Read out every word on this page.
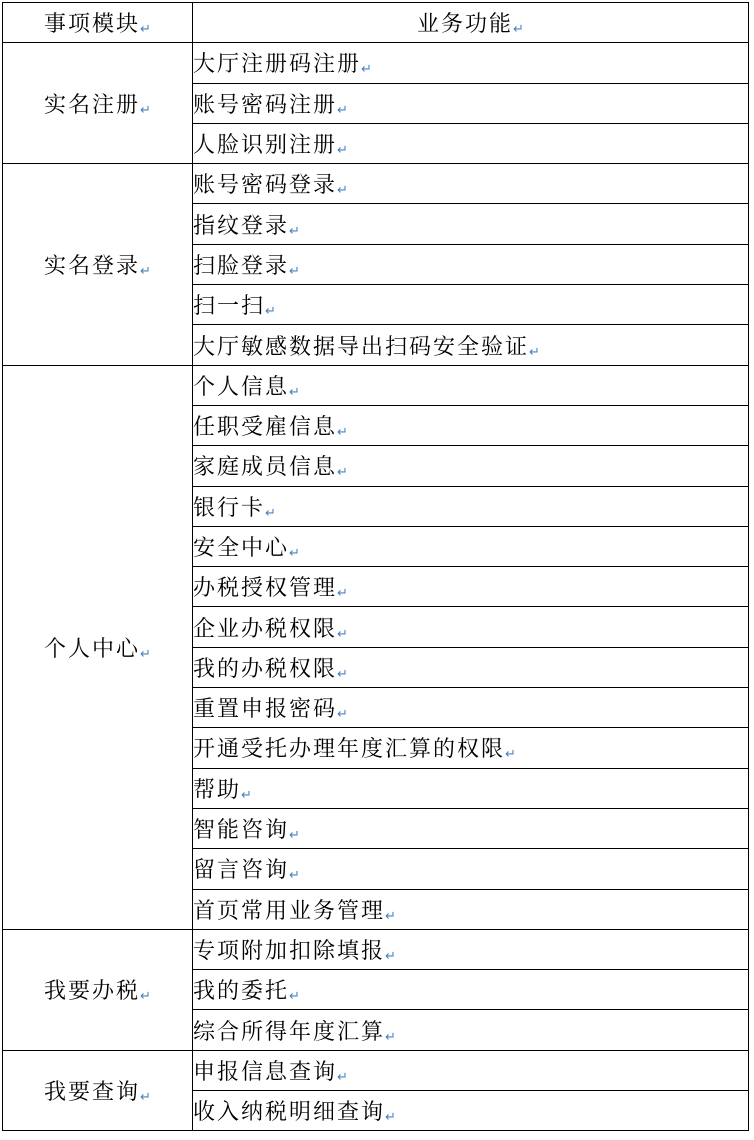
事项模块↵	业务功能↵
实名注册↵	大厅注册码注册↵
	账号密码注册↵
	人脸识别注册↵
实名登录↵	账号密码登录↵
	指纹登录↵
	扫脸登录↵
	扫一扫↵
	大厅敏感数据导出扫码安全验证↵
个人中心↵	个人信息↵
	任职受雇信息↵
	家庭成员信息↵
	银行卡↵
	安全中心↵
	办税授权管理↵
	企业办税权限↵
	我的办税权限↵
	重置申报密码↵
	开通受托办理年度汇算的权限↵
	帮助↵
	智能咨询↵
	留言咨询↵
	首页常用业务管理↵
我要办税↵	专项附加扣除填报↵
	我的委托↵
	综合所得年度汇算↵
我要查询↵	申报信息查询↵
	收入纳税明细查询↵
